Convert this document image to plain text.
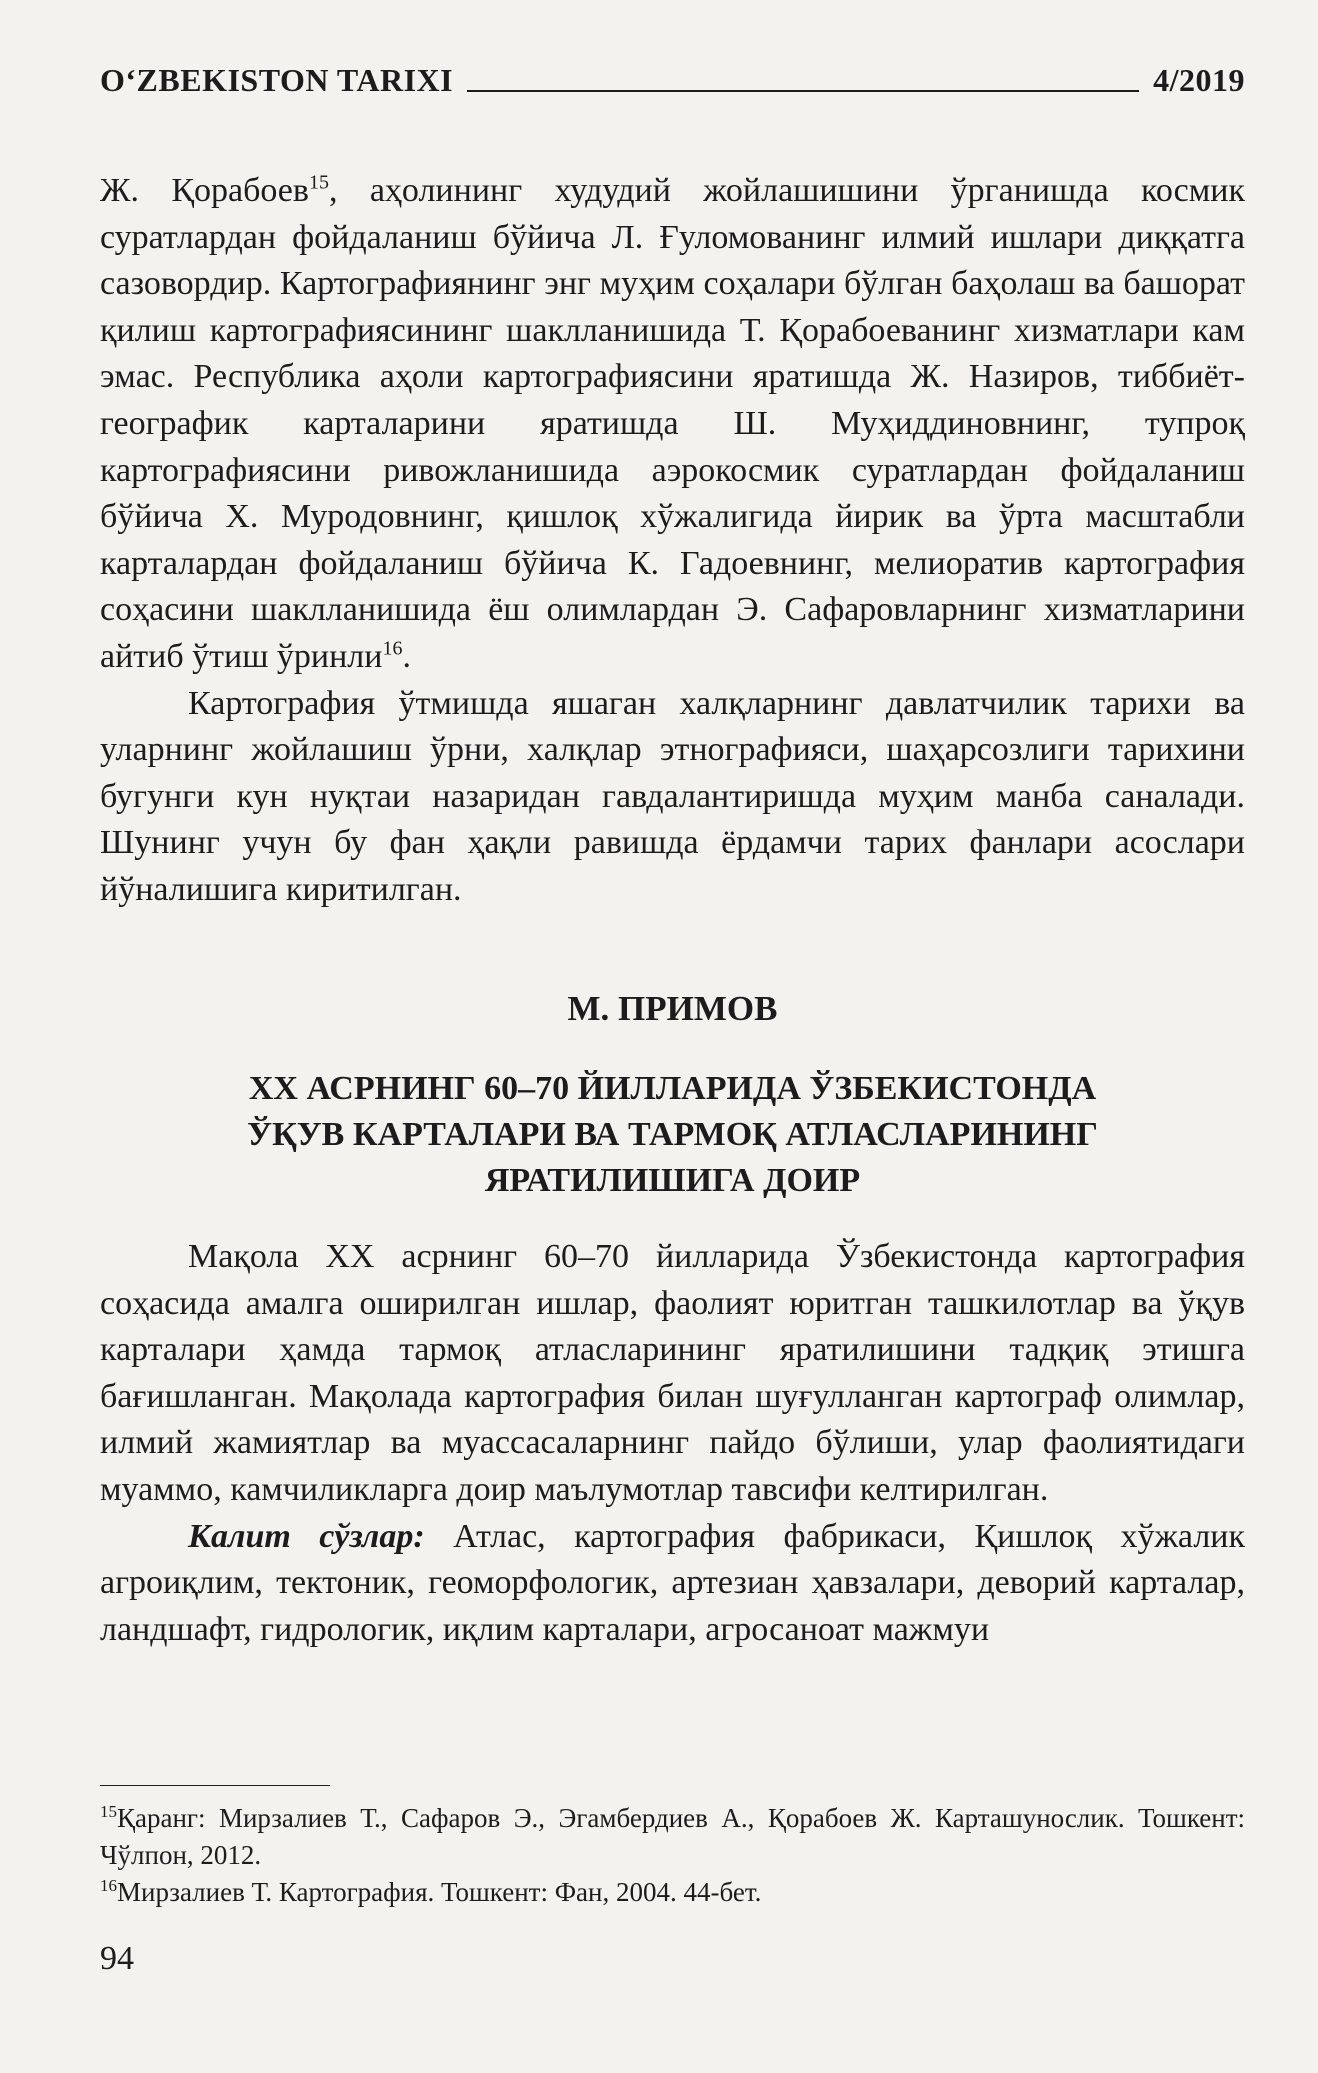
O‘ZBEKISTON TARIXI	4/2019

Ж. Қорабоев$^{15}$, аҳолининг худудий жойлашишини ўрганишда космик суратлардан фойдаланиш бўйича Л. Ғуломованинг илмий ишлари диққатга сазовордир. Картографиянинг энг муҳим соҳалари бўлган баҳолаш ва башорат қилиш картографиясининг шаклланишида Т. Қорабоеванинг хизматлари кам эмас. Республика аҳоли картографиясини яратишда Ж. Назиров, тиббиёт-географик карталарини яратишда Ш. Муҳиддиновнинг, тупроқ картографиясини ривожланишида аэрокосмик суратлардан фойдаланиш бўйича Х. Муродовнинг, қишлоқ хўжалигида йирик ва ўрта масштабли карталардан фойдаланиш бўйича К. Гадоевнинг, мелиоратив картография соҳасини шаклланишида ёш олимлардан Э. Сафаровларнинг хизматларини айтиб ўтиш ўринли$^{16}$.

Картография ўтмишда яшаган халқларнинг давлатчилик тарихи ва уларнинг жойлашиш ўрни, халқлар этнографияси, шаҳарсозлиги тарихини бугунги кун нуқтаи назаридан гавдалантиришда муҳим манба саналади. Шунинг учун бу фан ҳақли равишда ёрдамчи тарих фанлари асослари йўналишига киритилган.

М. ПРИМОВ
XX АСРНИНГ 60–70 ЙИЛЛАРИДА ЎЗБЕКИСТОНДА
ЎҚУВ КАРТАЛАРИ ВА ТАРМОҚ АТЛАСЛАРИНИНГ
ЯРАТИЛИШИГА ДОИР

Мақола XX асрнинг 60–70 йилларида Ўзбекистонда картография соҳасида амалга оширилган ишлар, фаолият юритган ташкилотлар ва ўқув карталари ҳамда тармоқ атласларининг яратилишини тадқиқ этишга бағишланган. Мақолада картография билан шуғулланган картограф олимлар, илмий жамиятлар ва муассасаларнинг пайдо бўлиши, улар фаолиятидаги муаммо, камчиликларга доир маълумотлар тавсифи келтирилган.

Калит сўзлар: Атлас, картография фабрикаси, Қишлоқ хўжалик агроиқлим, тектоник, геоморфологик, артезиан ҳавзалари, деворий карталар, ландшафт, гидрологик, иқлим карталари, агросаноат мажмуи

$^{15}$Қаранг: Мирзалиев Т., Сафаров Э., Эгамбердиев А., Қорабоев Ж. Карташунослик. Тошкент: Чўлпон, 2012.

$^{16}$Мирзалиев Т. Картография. Тошкент: Фан, 2004. 44-бет.

94
